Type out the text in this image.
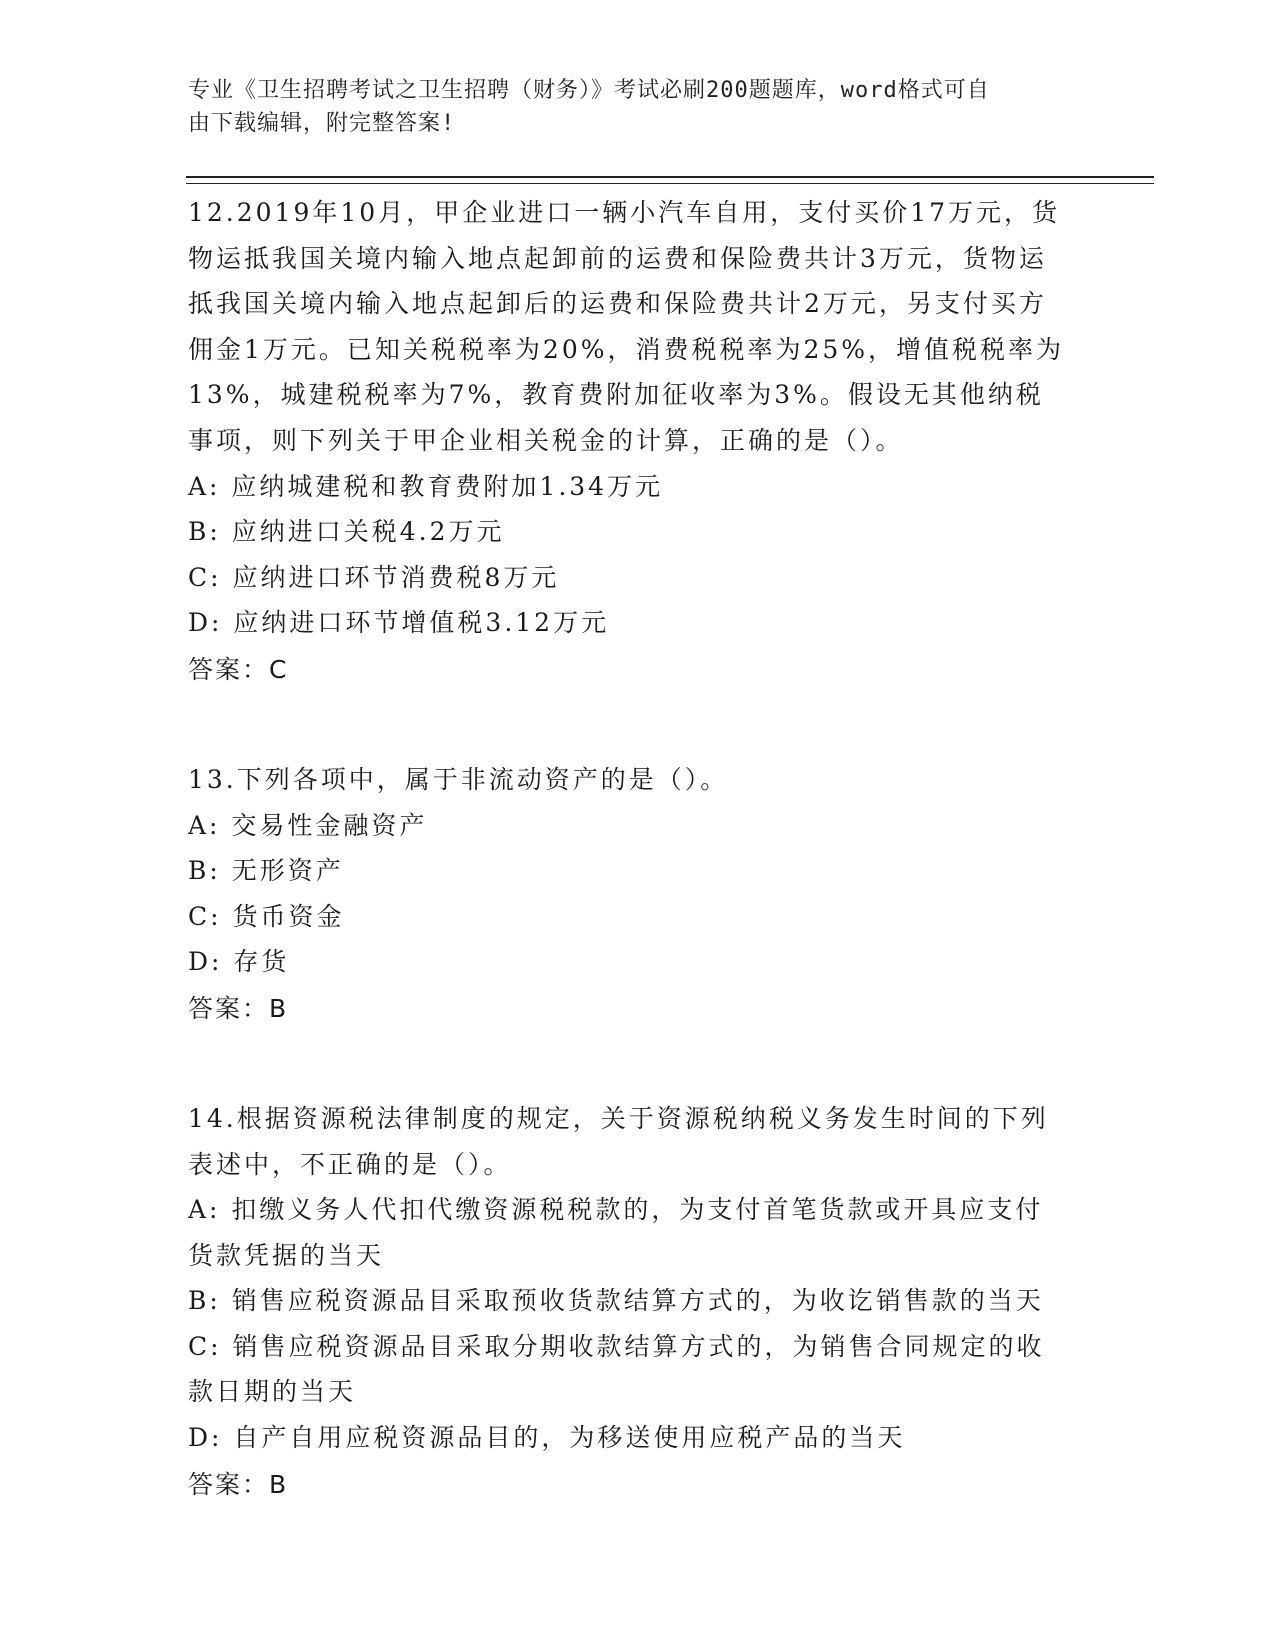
专业《卫生招聘考试之卫生招聘（财务）》考试必刷200题题库，word格式可自
由下载编辑，附完整答案!

12.2019年10月，甲企业进口一辆小汽车自用，支付买价17万元，货物运抵我国关境内输入地点起卸前的运费和保险费共计3万元，货物运抵我国关境内输入地点起卸后的运费和保险费共计2万元，另支付买方佣金1万元。已知关税税率为20%，消费税税率为25%，增值税税率为13%，城建税税率为7%，教育费附加征收率为3%。假设无其他纳税事项，则下列关于甲企业相关税金的计算，正确的是（）。

A: 应纳城建税和教育费附加1.34万元

B: 应纳进口关税4.2万元

C: 应纳进口环节消费税8万元

D: 应纳进口环节增值税3.12万元

答案：C

13.下列各项中，属于非流动资产的是（）。

A: 交易性金融资产

B: 无形资产

C: 货币资金

D: 存货

答案：B

14.根据资源税法律制度的规定，关于资源税纳税义务发生时间的下列表述中，不正确的是（）。

A: 扣缴义务人代扣代缴资源税税款的，为支付首笔货款或开具应支付货款凭据的当天

B: 销售应税资源品目采取预收货款结算方式的，为收讫销售款的当天

C: 销售应税资源品目采取分期收款结算方式的，为销售合同规定的收款日期的当天

D: 自产自用应税资源品目的，为移送使用应税产品的当天

答案：B
